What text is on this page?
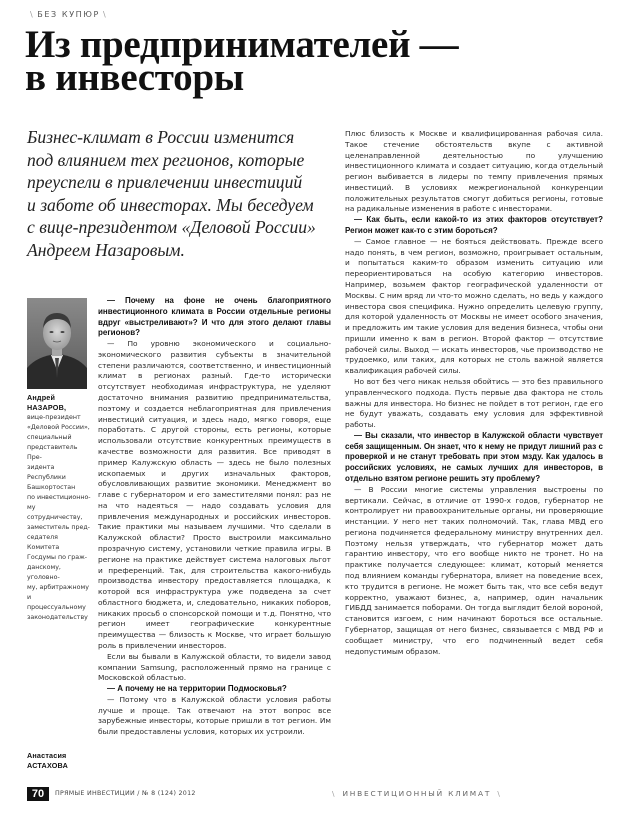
\ БЕЗ КУПЮР \
Из предпринимателей —
в инвесторы
Бизнес-климат в России изменится
под влиянием тех регионов, которые
преуспели в привлечении инвестиций
и заботе об инвесторах. Мы беседуем
с вице-президентом «Деловой России»
Андреем Назаровым.

Андрей
НАЗАРОВ,
вице-президент
«Деловой России»,
специальный
представитель Пре-
зидента Республики
Башкортостан
по инвестиционно-
му сотрудничеству,
заместитель пред-
седателя Комитета
Госдумы по граж-
данскому, уголовно-
му, арбитражному
и процессуальному
законодательству
Анастасия
АСТАХОВА

— Почему на фоне не очень благоприятного инвестиционного климата в России отдельные регионы вдруг «выстреливают»? И что для этого делают главы регионов?

— По уровню экономического и социально-экономического развития субъекты в значительной степени различаются, соответственно, и инвестиционный климат в регионах разный. Где-то исторически отсутствует необходимая инфраструктура, не уделяют достаточно внимания развитию предпринимательства, поэтому и создается неблагоприятная для привлечения инвестиций ситуация, и здесь надо, мягко говоря, еще поработать. С другой стороны, есть регионы, которые использовали отсутствие конкурентных преимуществ в качестве возможности для развития. Все приводят в пример Калужскую область — здесь не было полезных ископаемых и других изначальных факторов, обусловливающих развитие экономики. Менеджмент во главе с губернатором и его заместителями понял: раз не на что надеяться — надо создавать условия для привлечения международных и российских инвесторов. Такие практики мы называем лучшими. Что сделали в Калужской области? Просто выстроили максимально прозрачную систему, установили четкие правила игры. В регионе на практике действует система налоговых льгот и преференций. Так, для строительства какого-нибудь производства инвестору предоставляется площадка, к которой вся инфраструктура уже подведена за счет областного бюджета, и, следовательно, никаких поборов, никаких просьб о спонсорской помощи и т.д. Понятно, что регион имеет географические конкурентные преимущества — близость к Москве, что играет большую роль в привлечении инвесторов.

Если вы бывали в Калужской области, то видели завод компании Samsung, расположенный прямо на границе с Московской областью.

— А почему не на территории Подмосковья?

— Потому что в Калужской области условия работы лучше и проще. Так отвечают на этот вопрос все зарубежные инвесторы, которые пришли в тот регион. Им были предоставлены условия, которых их устроили.

Плюс близость к Москве и квалифицированная рабочая сила. Такое стечение обстоятельств вкупе с активной целенаправленной деятельностью по улучшению инвестиционного климата и создает ситуацию, когда отдельный регион выбивается в лидеры по темпу привлечения прямых инвестиций. В условиях межрегиональной конкуренции положительных результатов смогут добиться регионы, готовые на радикальные изменения в работе с инвесторами.

— Как быть, если какой-то из этих факторов отсутствует? Регион может как-то с этим бороться?

— Самое главное — не бояться действовать. Прежде всего надо понять, в чем регион, возможно, проигрывает остальным, и попытаться каким-то образом изменить ситуацию или переориентироваться на особую категорию инвесторов. Например, возьмем фактор географической удаленности от Москвы. С ним вряд ли что-то можно сделать, но ведь у каждого инвестора своя специфика. Нужно определить целевую группу, для которой удаленность от Москвы не имеет особого значения, и предложить им такие условия для ведения бизнеса, чтобы они пришли именно к вам в регион. Второй фактор — отсутствие рабочей силы. Выход — искать инвесторов, чье производство не трудоемко, или таких, для которых не столь важной является квалификация рабочей силы.

Но вот без чего никак нельзя обойтись — это без правильного управленческого подхода. Пусть первые два фактора не столь важны для инвестора. Но бизнес не пойдет в тот регион, где его не будут уважать, создавать ему условия для эффективной работы.

— Вы сказали, что инвестор в Калужской области чувствует себя защищенным. Он знает, что к нему не придут лишний раз с проверкой и не станут требовать при этом мзду. Как удалось в российских условиях, не самых лучших для инвесторов, в отдельно взятом регионе решить эту проблему?

— В России многие системы управления выстроены по вертикали. Сейчас, в отличие от 1990-х годов, губернатор не контролирует ни правоохранительные органы, ни проверяющие инстанции. У него нет таких полномочий. Так, глава МВД его региона подчиняется федеральному министру внутренних дел. Поэтому нельзя утверждать, что губернатор может дать гарантию инвестору, что его вообще никто не тронет. Но на практике получается следующее: климат, который меняется под влиянием команды губернатора, влияет на поведение всех, кто трудится в регионе. Не может быть так, что все себя ведут корректно, уважают бизнес, а, например, один начальник ГИБДД занимается поборами. Он тогда выглядит белой вороной, становится изгоем, с ним начинают бороться все остальные. Губернатор, защищая от него бизнес, связывается с МВД РФ и сообщает министру, что его подчиненный ведет себя недопустимым образом.

70	ПРЯМЫЕ ИНВЕСТИЦИИ / № 8 (124) 2012	\ ИНВЕСТИЦИОННЫЙ КЛИМАТ \
